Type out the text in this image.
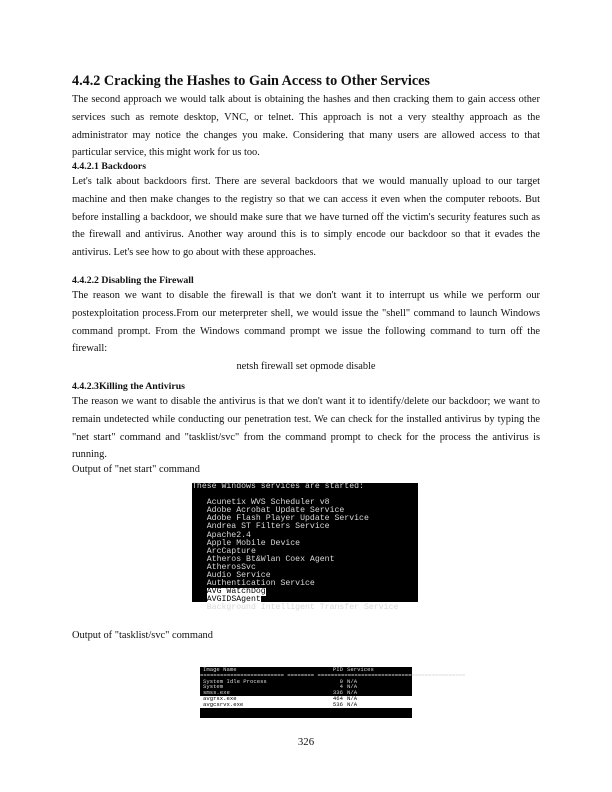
4.4.2 Cracking the Hashes to Gain Access to Other Services

The second approach we would talk about is obtaining the hashes and then cracking them to gain access other services such as remote desktop, VNC, or telnet. This approach is not a very stealthy approach as the administrator may notice the changes you make. Considering that many users are allowed access to that particular service, this might work for us too.

4.4.2.1 Backdoors

Let's talk about backdoors first. There are several backdoors that we would manually upload to our target machine and then make changes to the registry so that we can access it even when the computer reboots. But before installing a backdoor, we should make sure that we have turned off the victim's security features such as the firewall and antivirus. Another way around this is to simply encode our backdoor so that it evades the antivirus. Let's see how to go about with these approaches.

4.4.2.2 Disabling the Firewall

The reason we want to disable the firewall is that we don't want it to interrupt us while we perform our postexploitation process.From our meterpreter shell, we would issue the "shell" command to launch Windows command prompt. From the Windows command prompt we issue the following command to turn off the firewall:

netsh firewall set opmode disable
4.4.2.3Killing the Antivirus

The reason we want to disable the antivirus is that we don't want it to identify/delete our backdoor; we want to remain undetected while conducting our penetration test. We can check for the installed antivirus by typing the "net start" command and "tasklist/svc" from the command prompt to check for the process the antivirus is running.

Output of "net start" command
These Windows services are started:
Acunetix WVS Scheduler v8
Adobe Acrobat Update Service
Adobe Flash Player Update Service
Andrea ST Filters Service
Apache2.4
Apple Mobile Device
ArcCapture
Atheros Bt&Wlan Coex Agent
AtherosSvc
Audio Service
Authentication Service
AVG WatchDog
AVGIDSAgent
Background Intelligent Transfer Service
Output of "tasklist/svc" command
Image Name	PID Services
========================= ======== ============================================
System Idle Process	0 N/A
System	4 N/A
smss.exe	336 N/A
avgrsx.exe	464 N/A
avgcsrvx.exe	536 N/A
326
